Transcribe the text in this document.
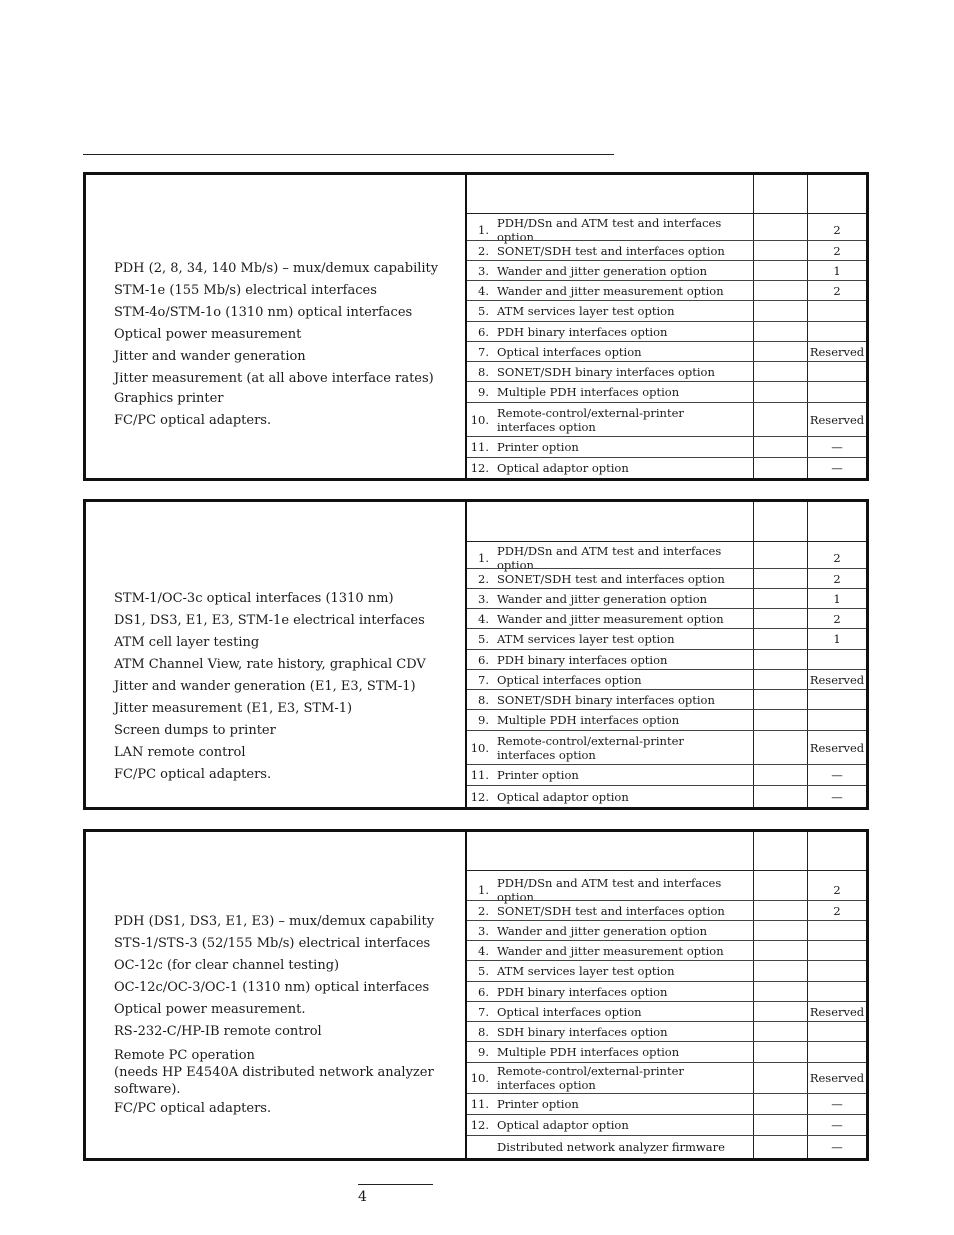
PDH (2, 8, 34, 140 Mb/s) – mux/demux capability
STM-1e (155 Mb/s) electrical interfaces
STM-4o/STM-1o (1310 nm) optical interfaces
Optical power measurement
Jitter and wander generation
Jitter measurement (at all above interface rates)
Graphics printer
FC/PC optical adapters.
1. PDH/DSn and ATM test and interfaces option	2
2. SONET/SDH test and interfaces option	2
3. Wander and jitter generation option	1
4. Wander and jitter measurement option	2
5. ATM services layer test option
6. PDH binary interfaces option
7. Optical interfaces option	Reserved
8. SONET/SDH binary interfaces option
9. Multiple PDH interfaces option
10. Remote-control/external-printer
interfaces option	Reserved
11. Printer option	—
12. Optical adaptor option	—
STM-1/OC-3c optical interfaces (1310 nm)
DS1, DS3, E1, E3, STM-1e electrical interfaces
ATM cell layer testing
ATM Channel View, rate history, graphical CDV
Jitter and wander generation (E1, E3, STM-1)
Jitter measurement (E1, E3, STM-1)
Screen dumps to printer
LAN remote control
FC/PC optical adapters.
1. PDH/DSn and ATM test and interfaces option	2
2. SONET/SDH test and interfaces option	2
3. Wander and jitter generation option	1
4. Wander and jitter measurement option	2
5. ATM services layer test option	1
6. PDH binary interfaces option
7. Optical interfaces option	Reserved
8. SONET/SDH binary interfaces option
9. Multiple PDH interfaces option
10. Remote-control/external-printer
interfaces option	Reserved
11. Printer option	—
12. Optical adaptor option	—
PDH (DS1, DS3, E1, E3) – mux/demux capability
STS-1/STS-3 (52/155 Mb/s) electrical interfaces
OC-12c (for clear channel testing)
OC-12c/OC-3/OC-1 (1310 nm) optical interfaces
Optical power measurement.
RS-232-C/HP-IB remote control
Remote PC operation
(needs HP E4540A distributed network analyzer
software).
FC/PC optical adapters.
1. PDH/DSn and ATM test and interfaces option	2
2. SONET/SDH test and interfaces option	2
3. Wander and jitter generation option
4. Wander and jitter measurement option
5. ATM services layer test option
6. PDH binary interfaces option
7. Optical interfaces option	Reserved
8. SDH binary interfaces option
9. Multiple PDH interfaces option
10. Remote-control/external-printer
interfaces option	Reserved
11. Printer option	—
12. Optical adaptor option	—
Distributed network analyzer firmware	—
4
